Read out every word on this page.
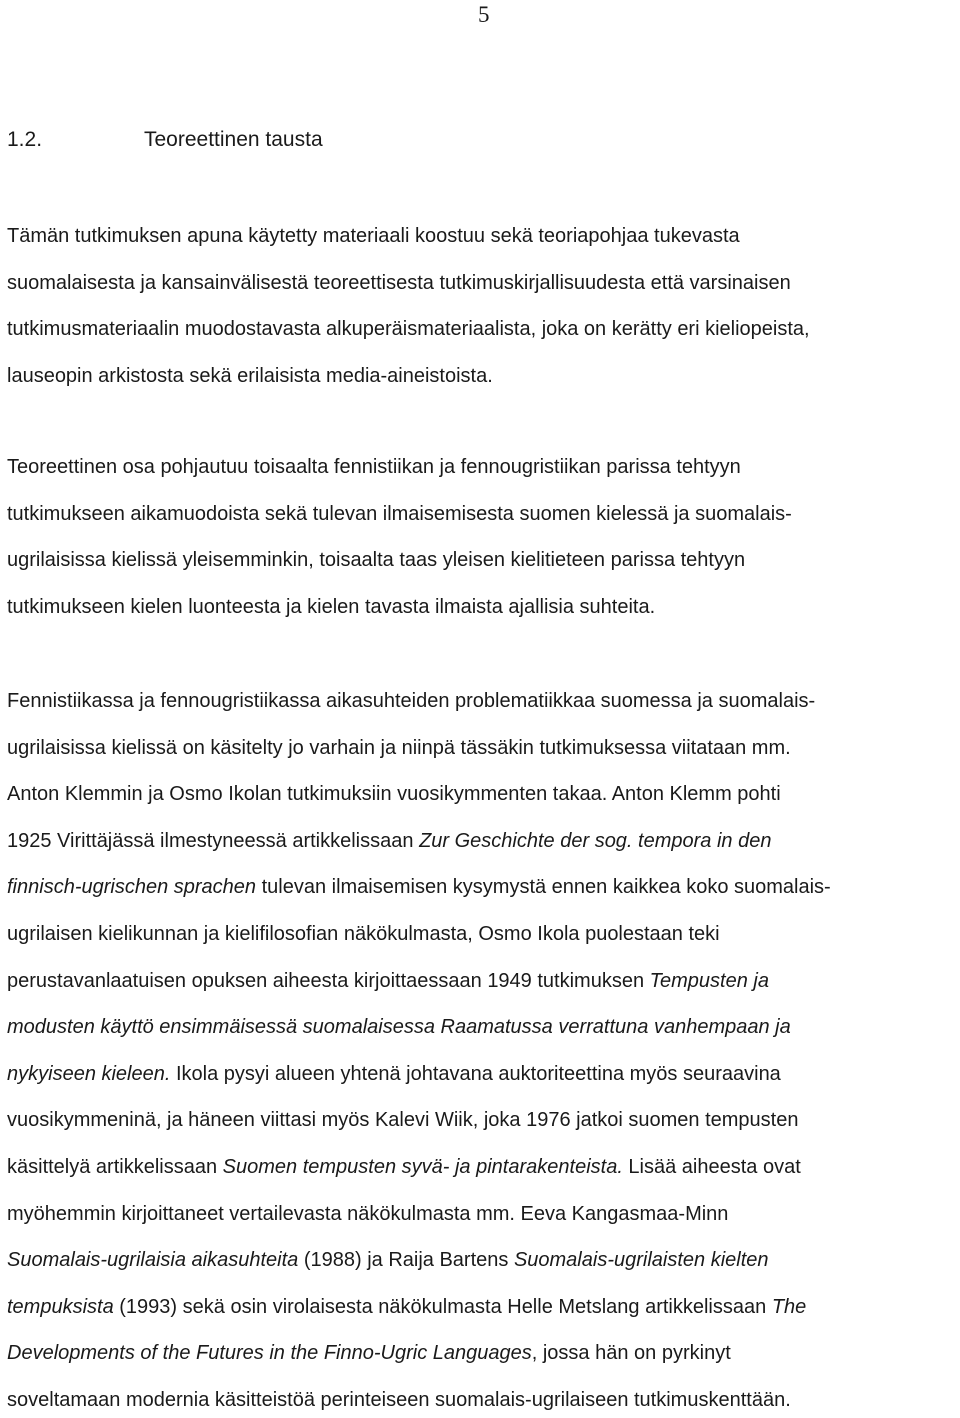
5
1.2.	Teoreettinen tausta
Tämän tutkimuksen apuna käytetty materiaali koostuu sekä teoriapohjaa tukevasta
suomalaisesta ja kansainvälisestä teoreettisesta tutkimuskirjallisuudesta että varsinaisen
tutkimusmateriaalin muodostavasta alkuperäismateriaalista, joka on kerätty eri kieliopeista,
lauseopin arkistosta sekä erilaisista media-aineistoista.
Teoreettinen osa pohjautuu toisaalta fennistiikan ja fennougristiikan parissa tehtyyn
tutkimukseen aikamuodoista sekä tulevan ilmaisemisesta suomen kielessä ja suomalais-
ugrilaisissa kielissä yleisemminkin, toisaalta taas yleisen kielitieteen parissa tehtyyn
tutkimukseen kielen luonteesta ja kielen tavasta ilmaista ajallisia suhteita.
Fennistiikassa ja fennougristiikassa aikasuhteiden problematiikkaa suomessa ja suomalais-
ugrilaisissa kielissä on käsitelty jo varhain ja niinpä tässäkin tutkimuksessa viitataan mm.
Anton Klemmin ja Osmo Ikolan tutkimuksiin vuosikymmenten takaa. Anton Klemm pohti
1925 Virittäjässä ilmestyneessä artikkelissaan Zur Geschichte der sog. tempora in den
finnisch-ugrischen sprachen tulevan ilmaisemisen kysymystä ennen kaikkea koko suomalais-
ugrilaisen kielikunnan ja kielifilosofian näkökulmasta, Osmo Ikola puolestaan teki
perustavanlaatuisen opuksen aiheesta kirjoittaessaan 1949 tutkimuksen Tempusten ja
modusten käyttö ensimmäisessä suomalaisessa Raamatussa verrattuna vanhempaan ja
nykyiseen kieleen. Ikola pysyi alueen yhtenä johtavana auktoriteettina myös seuraavina
vuosikymmeninä, ja häneen viittasi myös Kalevi Wiik, joka 1976 jatkoi suomen tempusten
käsittelyä artikkelissaan Suomen tempusten syvä- ja pintarakenteista. Lisää aiheesta ovat
myöhemmin kirjoittaneet vertailevasta näkökulmasta mm. Eeva Kangasmaa-Minn
Suomalais-ugrilaisia aikasuhteita (1988) ja Raija Bartens Suomalais-ugrilaisten kielten
tempuksista (1993) sekä osin virolaisesta näkökulmasta Helle Metslang artikkelissaan The
Developments of the Futures in the Finno-Ugric Languages, jossa hän on pyrkinyt
soveltamaan modernia käsitteistöä perinteiseen suomalais-ugrilaiseen tutkimuskenttään.
